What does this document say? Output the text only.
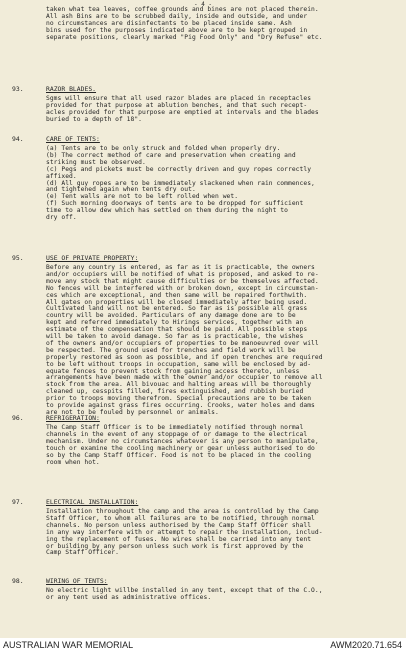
- 4 -
taken what tea leaves, coffee grounds and bines are not placed therein.
All ash Bins are to be scrubbed daily, inside and outside, and under
no circumstances are disinfectants to be placed inside same. Ash
bins used for the purposes indicated above are to be kept grouped in
separate positions, clearly marked "Pig Food Only" and "Dry Refuse" etc.
93.	RAZOR BLADES.
Sgms will ensure that all used razor blades are placed in receptacles
provided for that purpose at ablution benches, and that such recept-
acles provided for that purpose are emptied at intervals and the blades
buried to a depth of 18".
94.	CARE OF TENTS:
(a) Tents are to be only struck and folded when properly dry.
(b) The correct method of care and preservation when creating and
striking must be observed.
(c) Pegs and pickets must be correctly driven and guy ropes correctly
affixed.
(d) All guy ropes are to be immediately slackened when rain commences,
and tightened again when tents dry out.
(e) Tent walls are not to be left rolled when wet.
(f) Such morning doorways of tents are to be dropped for sufficient
time to allow dew which has settled on them during the night to
dry off.
95.	USE OF PRIVATE PROPERTY:
Before any country is entered, as far as it is practicable, the owners
and/or occupiers will be notified of what is proposed, and asked to re-
move any stock that might cause difficulties or be themselves affected.
No fences will be interfered with or broken down, except in circumstan-
ces which are exceptional, and then same will be repaired forthwith.
All gates on properties will be closed immediately after being used.
Cultivated land will not be entered. So far as is possible all grass
country will be avoided. Particulars of any damage done are to be
kept and referred immediately to Hirings services, together with an
estimate of the compensation that should be paid. All possible steps
will be taken to avoid damage. So far as is practicable, the wishes
of the owners and/or occupiers of properties to be manoeuvred over will
be respected. The ground used for trenches and field work will be
properly restored as soon as possible, and if open trenches are required
to be left without troops in occupation, same will be enclosed by ad-
equate fences to prevent stock from gaining access thereto, unless
arrangements have been made with the owner and/or occupier to remove all
stock from the area. All bivouac and halting areas will be thoroughly
cleaned up, cesspits filled, fires extinguished, and rubbish buried
prior to troops moving therefrom. Special precautions are to be taken
to provide against grass fires occurring. Crooks, water holes and dams
are not to be fouled by personnel or animals.
96.	REFRIGERATION:
The Camp Staff Officer is to be immediately notified through normal
channels in the event of any stoppage of or damage to the electrical
mechanism. Under no circumstances whatever is any person to manipulate,
touch or examine the cooling machinery or gear unless authorised to do
so by the Camp Staff Officer. Food is not to be placed in the cooling
room when hot.
97.	ELECTRICAL INSTALLATION:
Installation throughout the camp and the area is controlled by the Camp
Staff Officer, to whom all failures are to be notified, through normal
channels. No person unless authorised by the Camp Staff Officer shall
in any way interfere with or attempt to repair the installation, includ-
ing the replacement of fuses. No wires shall be carried into any tent
or building by any person unless such work is first approved by the
Camp Staff Officer.
98.	WIRING OF TENTS:
No electric light willbe installed in any tent, except that of the C.O.,
or any tent used as administrative offices.
AUSTRALIAN WAR MEMORIAL	AWM2020.71.654
